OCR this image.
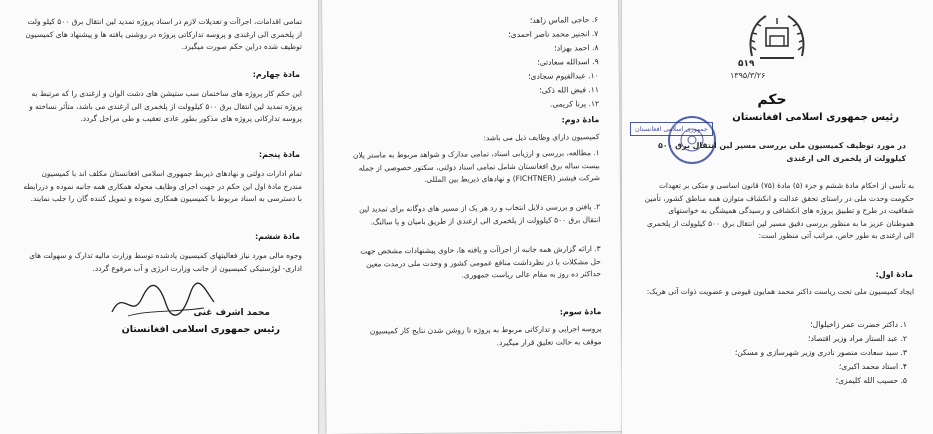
تمامی اقدامات، اجراآت و تعدیلات لازم در اسناد پروژه تمدید لین انتقال برق ۵۰۰ کیلو ولت از پلخمری الی ارغندی و پروسه تدارکاتی پروژه در روشنی یافته ها و پیشنهاد های کمیسیون توظیف شده دراین حکم صورت میگیرد.
مادۀ چهارم:
این حکم کار پروژه های ساختمان سب ستیشن های دشت الوان و ارغندی را که مرتبط به پروژه تمدید لین انتقال برق ۵۰۰ کیلوولت از پلخمری الی ارغندی می باشد، متأثر نساخته و پروسه تدارکاتی پروژه های مذکور بطور عادی تعقیب و طی مراحل گردد.
مادۀ پنجم:
تمام ادارات دولتی و نهادهای ذیربط جمهوری اسلامی افغانستان مکلف اند با کمیسیون مندرج مادۀ اول این حکم در جهت اجرای وظایف محوله همکاری همه جانبه نموده و دررابطه با دسترسی به اسناد مربوط با کمیسیون همکاری نموده و تمویل کننده گان را جلب نمایند.
مادۀ ششم:
وجوه مالی مورد نیاز فعالیتهای کمیسیون یادشده توسط وزارت مالیه تدارک و سهولت های اداری- لوژستیکی کمیسیون از جانب وزارت انرژی و آب مرفوع گردد.
محمد اشرف غنی
رئیس جمهوری اسلامی افغانستان
۶. حاجی الماس زاهد؛
۷. انجنیر محمد ناصر احمدی؛
۸. احمد بهزاد؛
۹. اسدالله سعادتی؛
۱۰. عبدالقیوم سجادی؛
۱۱. فیض الله ذکی؛
۱۲. پرنا کریمی.
مادۀ دوم:
کمیسیون دارای وظایف ذیل می باشد:
۱. مطالعه، بررسی و ارزیابی اسناد، تمامی مدارک و شواهد مربوط به ماستر پلان بیست ساله برق افغانستان شامل تمامی اسناد دولتی، سکتور خصوصی از جمله شرکت فیشنر (FICHTNER) و نهادهای ذیربط بین المللی.
۲. یافتن و بررسی دلایل انتخاب و رد هر یک از مسیر های دوگانه برای تمدید لین انتقال برق ۵۰۰ کیلوولت از پلخمری الی ارغندی از طریق بامیان و یا سالنگ.
۳. ارائه گزارش همه جانبه از اجراآت و یافته ها، حاوی پیشنهادات مشخص جهت حل مشکلات با در نظرداشت منافع عمومی کشور و وحدت ملی درمدت معین حداکثر ده روز به مقام عالی ریاست جمهوری.
مادۀ سوم:
پروسه اجرایی و تدارکاتی مربوط به پروژه تا روشن شدن نتایج کار کمیسیون موقف به حالت تعلیق قرار میگیرد.
۵۱۹
۱۳۹۵/۳/۲۶
حکم
رئیس جمهوری اسلامی افغانستان
جمهوری اسلامی افغانستان
در مورد توظیف کمیسیون ملی بررسی مسیر لین انتقال برق ۵۰۰ کیلوولت از پلخمری الی ارغندی
به تأسی از احکام مادۀ ششم و جزء (۵) مادۀ (۷۵) قانون اساسی و متکی بر تعهدات حکومت وحدت ملی در راستای تحقق عدالت و انکشاف متوازن همه مناطق کشور، تأمین شفافیت در طرح و تطبیق پروژه های انکشافی و رسیدگی همیشگی به خواستهای هموطنان عزیز ما به منظور بررسی دقیق مسیر لین انتقال برق ۵۰۰ کیلوولت از پلخمری الی ارغندی به طور خاص، مراتب آتی منظور است:
مادۀ اول:
ایجاد کمیسیون ملی تحت ریاست داکتر محمد همایون قیومی و عضویت ذوات آتی هریک:
۱. داکتر حضرت عمر زاخیلوال؛
۲. عبد الستار مراد وزیر اقتصاد؛
۳. سید سعادت منصور نادری وزیر شهرسازی و مسکن؛
۴. استاد محمد اکبری؛
۵. حسیب الله کلیمزی؛
